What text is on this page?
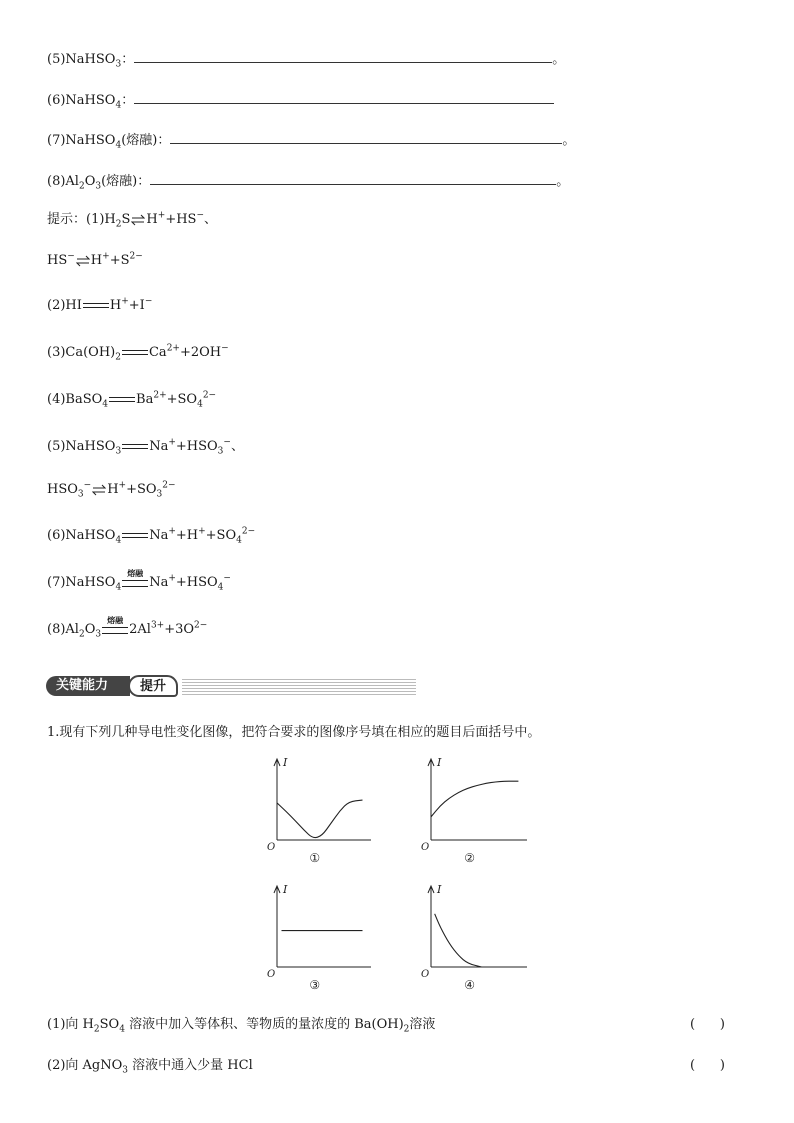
(5)NaHSO$_3$：	。
(6)NaHSO$_4$：
(7)NaHSO$_4$(熔融)：	。
$(8)Al_2O_3$(熔融)：	。
提示：$(1)H_2S\rightleftharpoons H^++HS^-$、
$HS^-\rightleftharpoons H^++S^{2-}$
(2)HI H++I−
$(3)Ca(OH)_2$ $Ca^{2+}+2OH^-$
(4)BaSO$_4$ $Ba^{2+}+SO_4^{2-}$
(5)NaHSO$_3$ $Na^++HSO_3^-$、
$HSO_3^-\rightleftharpoons H^++SO_3^{2-}$
(6)NaHSO$_4$ $Na^++H^++SO_4^{2-}$
(7)NaHSO$_4$
熔融
$Na^++HSO_4^-$
$(8)Al_2O_3$
熔融
$2Al^{3+}+3O^{2-}$
关键能力	提升
1.现有下列几种导电性变化图像，把符合要求的图像序号填在相应的题目后面括号中。
I
O
①
I
O
②
I
O
③
I
O
④
(1)向 $H_2SO_4$ 溶液中加入等体积、等物质的量浓度的 $Ba(OH)_2$溶液	(      )
(2)向 AgNO$_3$ 溶液中通入少量 HCl	(      )
